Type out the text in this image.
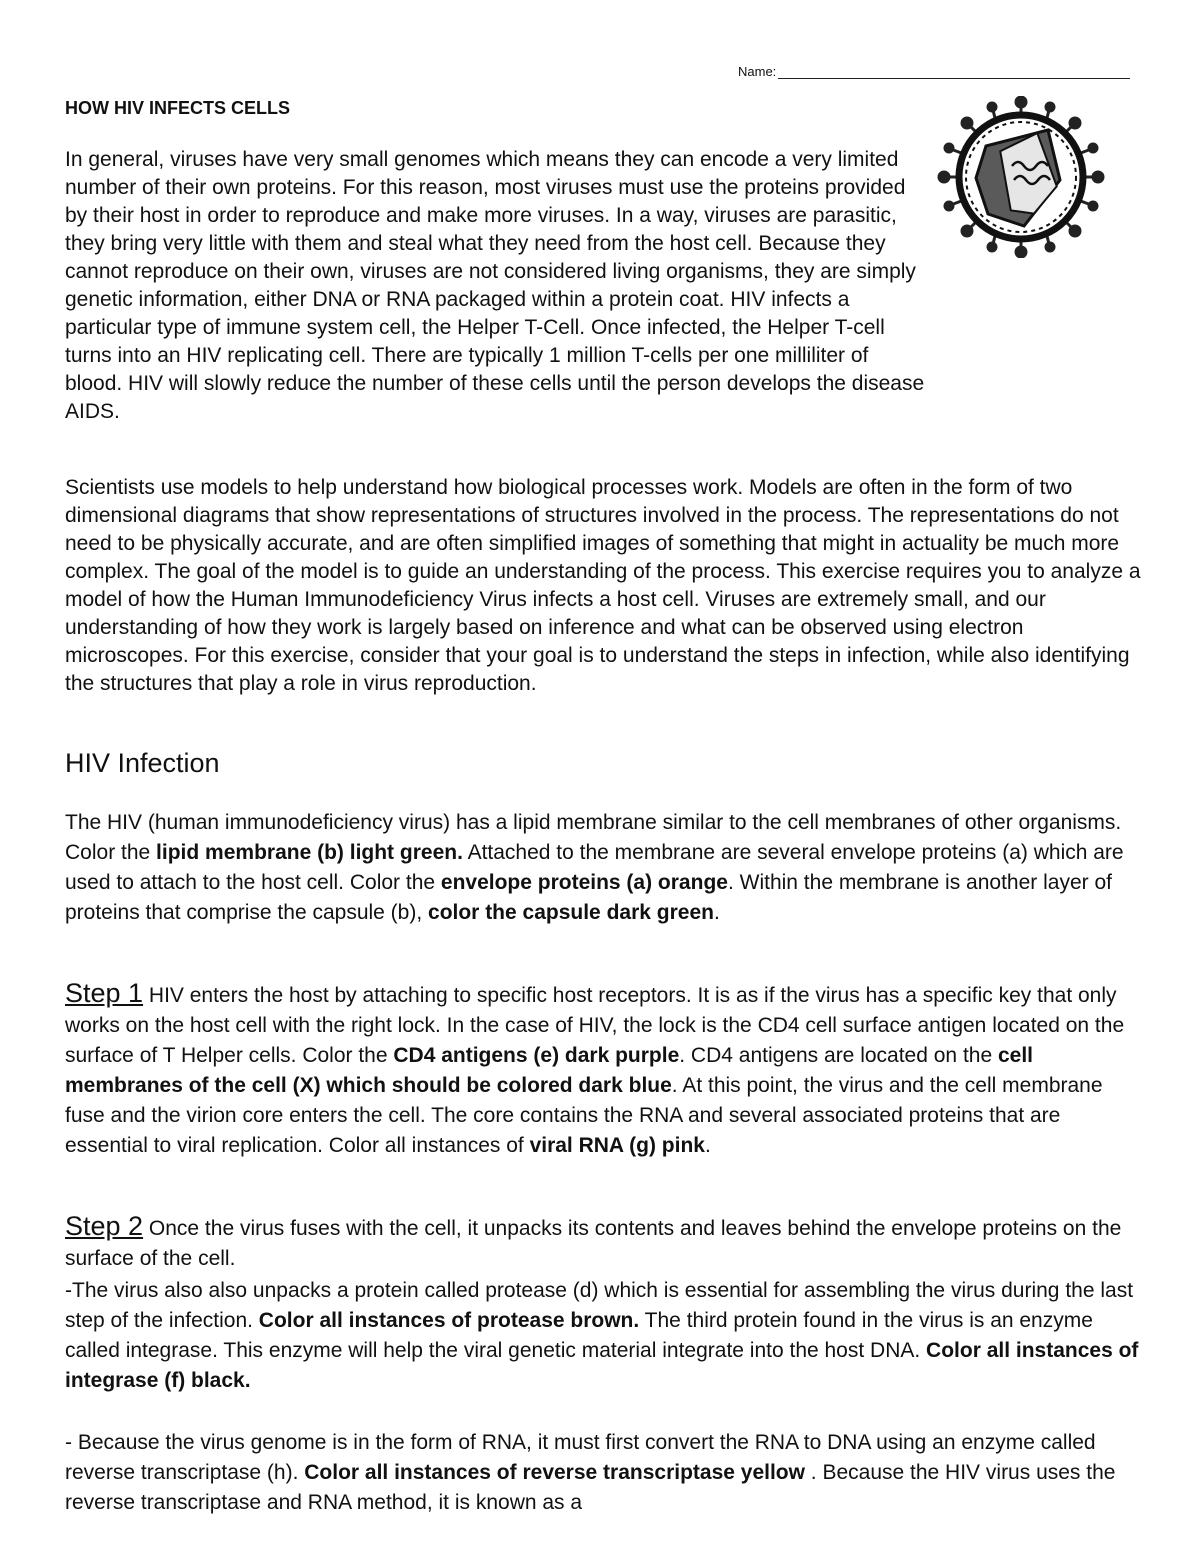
Name:
HOW HIV INFECTS CELLS

In general, viruses have very small genomes which means they can encode a very limited number of their own proteins. For this reason, most viruses must use the proteins provided by their host in order to reproduce and make more viruses. In a way, viruses are parasitic, they bring very little with them and steal what they need from the host cell. Because they cannot reproduce on their own, viruses are not considered living organisms, they are simply genetic information, either DNA or RNA packaged within a protein coat. HIV infects a particular type of immune system cell, the Helper T-Cell. Once infected, the Helper T-cell turns into an HIV replicating cell. There are typically 1 million T-cells per one milliliter of blood. HIV will slowly reduce the number of these cells until the person develops the disease AIDS.

Scientists use models to help understand how biological processes work. Models are often in the form of two dimensional diagrams that show representations of structures involved in the process. The representations do not need to be physically accurate, and are often simplified images of something that might in actuality be much more complex. The goal of the model is to guide an understanding of the process. This exercise requires you to analyze a model of how the Human Immunodeficiency Virus infects a host cell. Viruses are extremely small, and our understanding of how they work is largely based on inference and what can be observed using electron microscopes. For this exercise, consider that your goal is to understand the steps in infection, while also identifying the structures that play a role in virus reproduction.

HIV Infection

The HIV (human immunodeficiency virus) has a lipid membrane similar to the cell membranes of other organisms. Color the lipid membrane (b) light green. Attached to the membrane are several envelope proteins (a) which are used to attach to the host cell. Color the envelope proteins (a) orange. Within the membrane is another layer of proteins that comprise the capsule (b), color the capsule dark green.

Step 1 HIV enters the host by attaching to specific host receptors. It is as if the virus has a specific key that only works on the host cell with the right lock. In the case of HIV, the lock is the CD4 cell surface antigen located on the surface of T Helper cells. Color the CD4 antigens (e) dark purple. CD4 antigens are located on the cell membranes of the cell (X) which should be colored dark blue. At this point, the virus and the cell membrane fuse and the virion core enters the cell. The core contains the RNA and several associated proteins that are essential to viral replication. Color all instances of viral RNA (g) pink.

Step 2 Once the virus fuses with the cell, it unpacks its contents and leaves behind the envelope proteins on the surface of the cell.

-The virus also also unpacks a protein called protease (d) which is essential for assembling the virus during the last step of the infection. Color all instances of protease brown. The third protein found in the virus is an enzyme called integrase. This enzyme will help the viral genetic material integrate into the host DNA. Color all instances of integrase (f) black.

- Because the virus genome is in the form of RNA, it must first convert the RNA to DNA using an enzyme called reverse transcriptase (h). Color all instances of reverse transcriptase yellow . Because the HIV virus uses the reverse transcriptase and RNA method, it is known as a
